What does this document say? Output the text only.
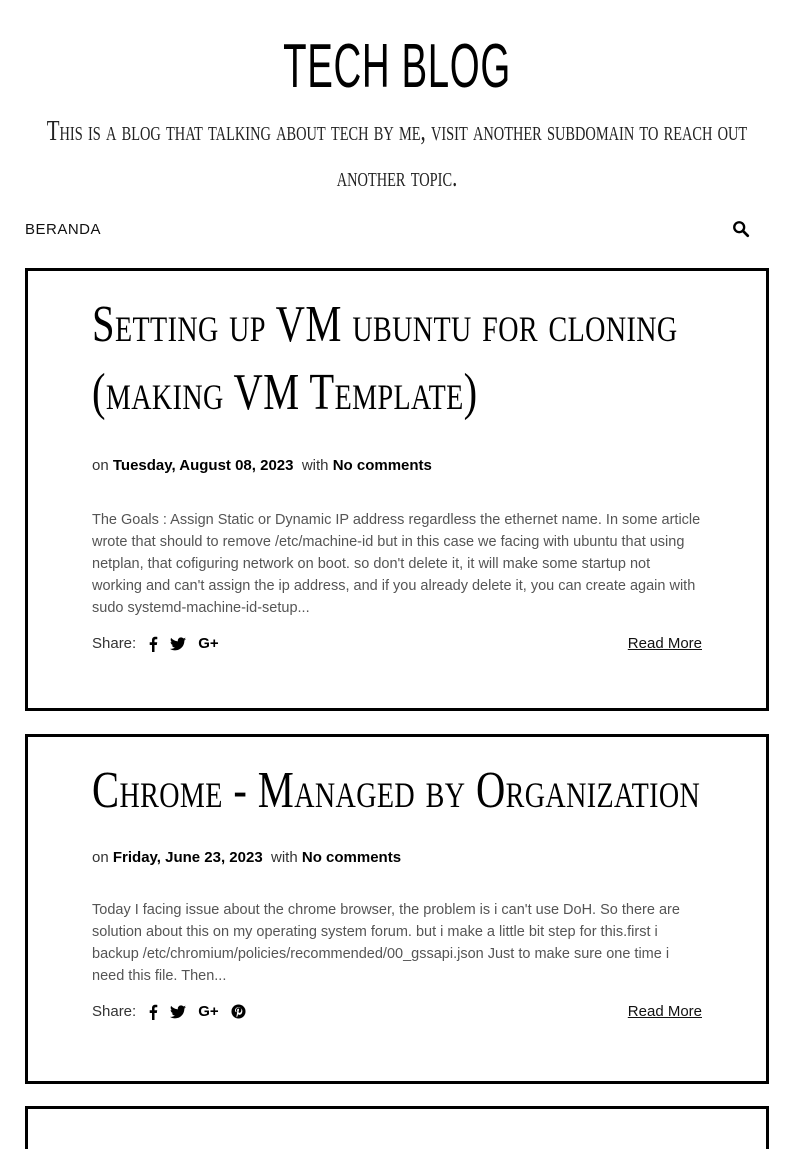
TECH BLOG
This is a blog that talking about tech by me, visit another subdomain to reach out another topic.
BERANDA
Setting up VM ubuntu for cloning (making VM Template)
on Tuesday, August 08, 2023 with No comments

The Goals : Assign Static or Dynamic IP address regardless the ethernet name. In some article wrote that should to remove /etc/machine-id but in this case we facing with ubuntu that using netplan, that cofiguring network on boot. so don't delete it, it will make some startup not working and can't assign the ip address, and if you already delete it, you can create again with sudo systemd-machine-id-setup...

Share:	G+	Read More
Chrome - Managed by Organization
on Friday, June 23, 2023 with No comments

Today I facing issue about the chrome browser, the problem is i can't use DoH. So there are solution about this on my operating system forum. but i make a little bit step for this.first i backup /etc/chromium/policies/recommended/00_gssapi.json Just to make sure one time i need this file. Then...

Share:	G+	Read More
